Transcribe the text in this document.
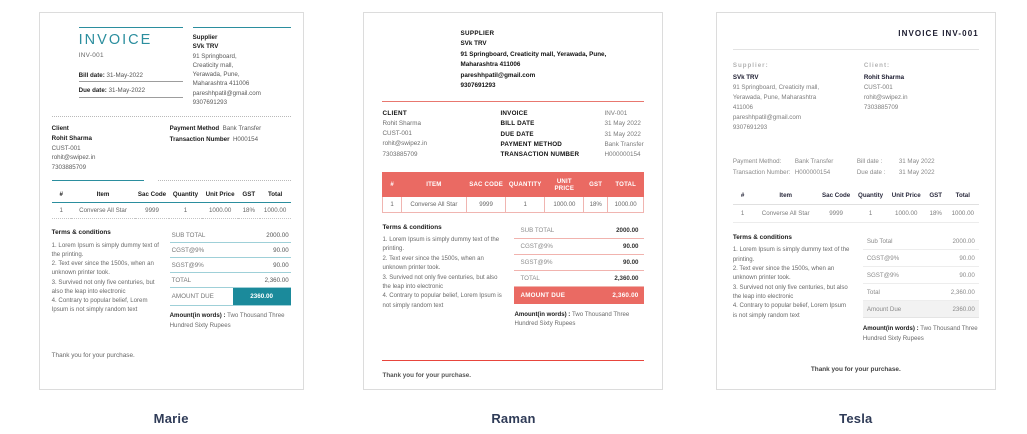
INVOICE
INV-001
Bill date: 31-May-2022
Due date: 31-May-2022
Supplier
SVk TRV
91 Springboard,
Creaticity mall,
Yerawada, Pune,
Maharashtra 411006
pareshhpatil@gmail.com
9307691293
Client
Rohit Sharma
CUST-001
rohit@swipez.in
7303885709
Payment Method Bank Transfer
Transaction Number H000154
#	Item	Sac Code	Quantity	Unit Price	GST	Total
1	Converse All Star	9999	1	1000.00	18%	1000.00
Terms & conditions
1. Lorem Ipsum is simply dummy text of the printing.
2. Text ever since the 1500s, when an unknown printer took.
3. Survived not only five centuries, but also the leap into electronic
4. Contrary to popular belief, Lorem Ipsum is not simply random text
SUB TOTAL	2000.00
CGST@9%	90.00
SGST@9%	90.00
TOTAL	2,360.00
AMOUNT DUE	2360.00
Amount(in words) : Two Thousand Three Hundred Sixty Rupees
Thank you for your purchase.
Marie
SUPPLIER
SVk TRV
91 Springboard, Creaticity mall, Yerawada, Pune,
Maharashtra 411006
pareshhpatil@gmail.com
9307691293
CLIENT
Rohit Sharma
CUST-001
rohit@swipez.in
7303885709
INVOICE	INV-001
BILL DATE	31 May 2022
DUE DATE	31 May 2022
PAYMENT METHOD	Bank Transfer
TRANSACTION NUMBER	H000000154
#	ITEM	SAC CODE	QUANTITY	UNIT PRICE	GST	TOTAL
1	Converse All Star	9999	1	1000.00	18%	1000.00
Terms & conditions
1. Lorem Ipsum is simply dummy text of the printing.
2. Text ever since the 1500s, when an unknown printer took.
3. Survived not only five centuries, but also the leap into electronic
4. Contrary to popular belief, Lorem Ipsum is not simply random text
SUB TOTAL	2000.00
CGST@9%	90.00
SGST@9%	90.00
TOTAL	2,360.00
AMOUNT DUE	2,360.00
Amount(in words) : Two Thousand Three Hundred Sixty Rupees
Thank you for your purchase.
Raman
INVOICE INV-001
Supplier:
SVk TRV
91 Springboard, Creaticity mall,
Yerawada, Pune, Maharashtra
411006
pareshhpatil@gmail.com
9307691293
Client:
Rohit Sharma
CUST-001
rohit@swipez.in
7303885709
Payment Method:	Bank Transfer
Transaction Number: H000000154
Bill date :	31 May 2022
Due date :	31 May 2022
#	Item	Sac Code	Quantity	Unit Price	GST	Total
1	Converse All Star	9999	1	1000.00	18%	1000.00
Terms & conditions
1. Lorem Ipsum is simply dummy text of the printing.
2. Text ever since the 1500s, when an unknown printer took.
3. Survived not only five centuries, but also the leap into electronic
4. Contrary to popular belief, Lorem Ipsum is not simply random text
Sub Total	2000.00
CGST@9%	90.00
SGST@9%	90.00
Total	2,360.00
Amount Due	2360.00
Amount(in words) : Two Thousand Three Hundred Sixty Rupees
Thank you for your purchase.
Tesla
